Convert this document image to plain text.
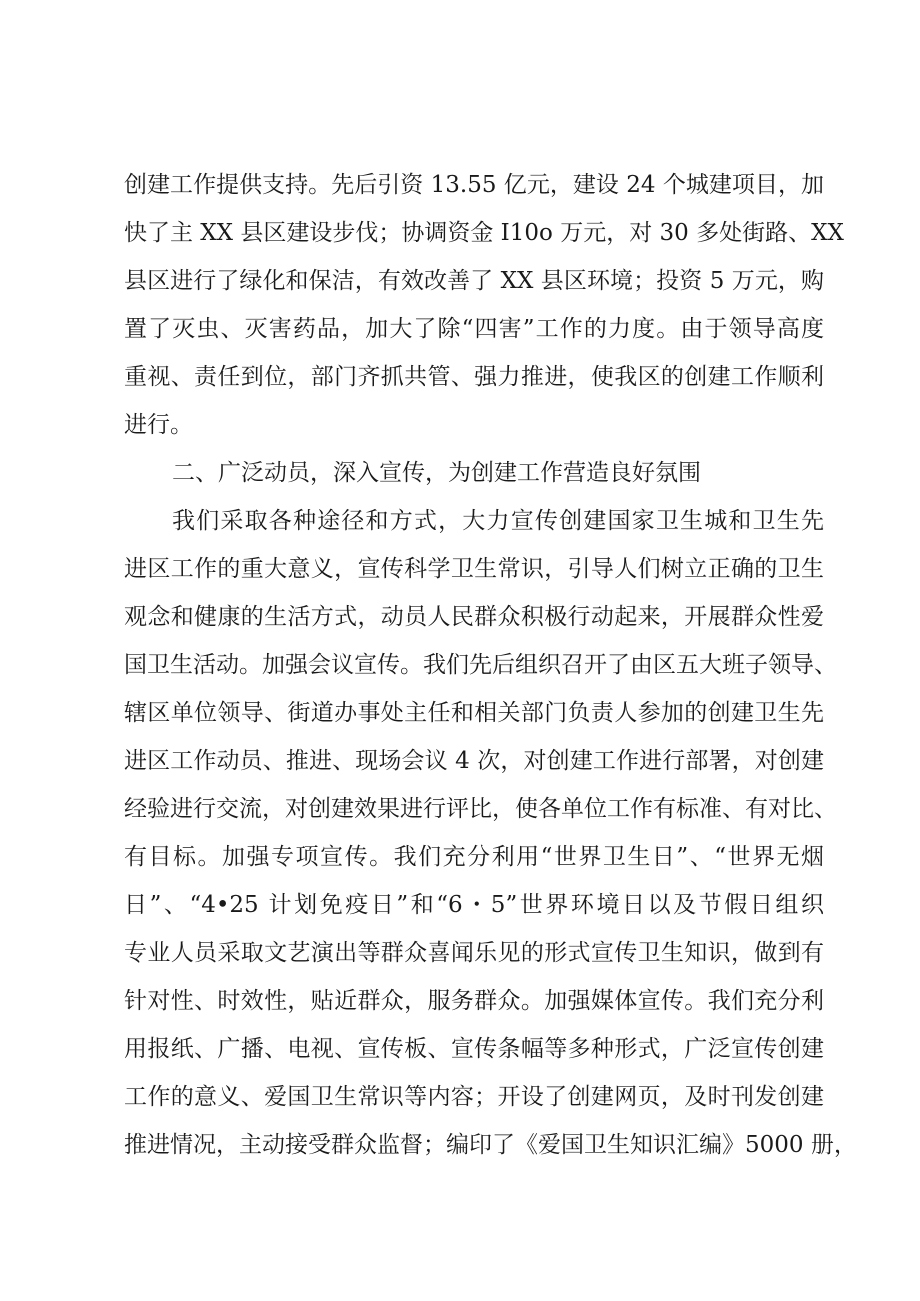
创建工作提供支持。先后引资 13.55 亿元，建设 24 个城建项目，加
快了主 XX 县区建设步伐；协调资金 I10o 万元，对 30 多处街路、XX
县区进行了绿化和保洁，有效改善了 XX 县区环境；投资 5 万元，购
置了灭虫、灭害药品，加大了除“四害”工作的力度。由于领导高度
重视、责任到位，部门齐抓共管、强力推进，使我区的创建工作顺利
进行。
二、广泛动员，深入宣传，为创建工作营造良好氛围
我们采取各种途径和方式，大力宣传创建国家卫生城和卫生先
进区工作的重大意义，宣传科学卫生常识，引导人们树立正确的卫生
观念和健康的生活方式，动员人民群众积极行动起来，开展群众性爱
国卫生活动。加强会议宣传。我们先后组织召开了由区五大班子领导、
辖区单位领导、街道办事处主任和相关部门负责人参加的创建卫生先
进区工作动员、推进、现场会议 4 次，对创建工作进行部署，对创建
经验进行交流，对创建效果进行评比，使各单位工作有标准、有对比、
有目标。加强专项宣传。我们充分利用“世界卫生日”、“世界无烟
日”、“4•25 计划免疫日”和“6・5”世界环境日以及节假日组织
专业人员采取文艺演出等群众喜闻乐见的形式宣传卫生知识，做到有
针对性、时效性，贴近群众，服务群众。加强媒体宣传。我们充分利
用报纸、广播、电视、宣传板、宣传条幅等多种形式，广泛宣传创建
工作的意义、爱国卫生常识等内容；开设了创建网页，及时刊发创建
推进情况，主动接受群众监督；编印了《爱国卫生知识汇编》5000 册，
